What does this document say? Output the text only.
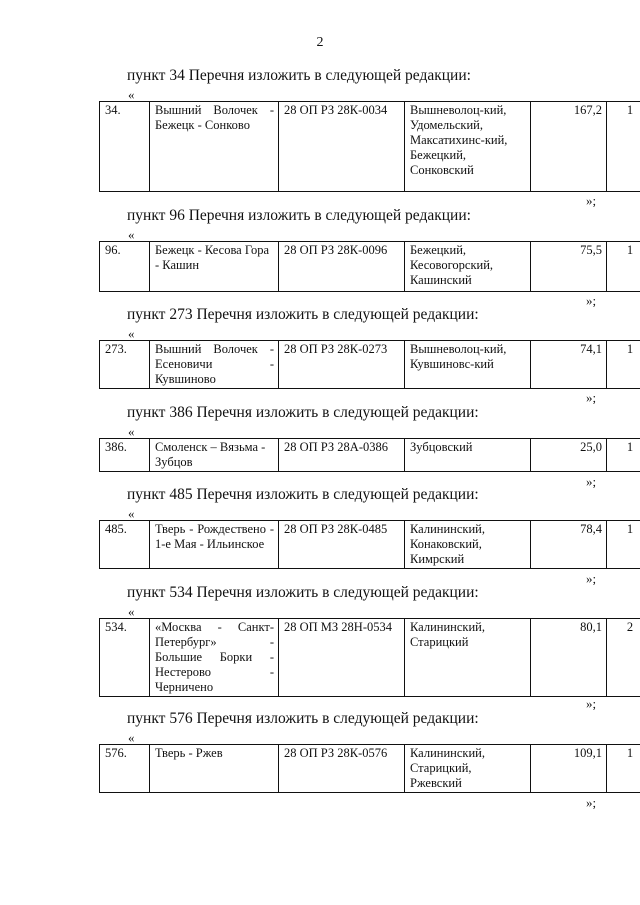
2
пункт 34 Перечня изложить в следующей редакции:
«
34.	Вышний Волочек - Бежецк - Сонково	28 ОП РЗ 28К-0034	Вышневолоц-кий, Удомельский, Максатихинс-кий, Бежецкий, Сонковский	167,2	1
»;
пункт 96 Перечня изложить в следующей редакции:
«
96.	Бежецк - Кесова Гора - Кашин	28 ОП РЗ 28К-0096	Бежецкий, Кесовогорский, Кашинский	75,5	1
»;
пункт 273 Перечня изложить в следующей редакции:
«
273.	Вышний Волочек - Есеновичи - Кувшиново	28 ОП РЗ 28К-0273	Вышневолоц-кий, Кувшиновс-кий	74,1	1
»;
пункт 386 Перечня изложить в следующей редакции:
«
386.	Смоленск – Вязьма - Зубцов	28 ОП РЗ 28А-0386	Зубцовский	25,0	1
»;
пункт 485 Перечня изложить в следующей редакции:
«
485.	Тверь - Рождествено - 1-е Мая - Ильинское	28 ОП РЗ 28К-0485	Калининский, Конаковский, Кимрский	78,4	1
»;
пункт 534 Перечня изложить в следующей редакции:
«
534.	«Москва - Санкт-Петербург» - Большие Борки - Нестерово - Черничено	28 ОП МЗ 28Н-0534	Калининский, Старицкий	80,1	2
»;
пункт 576 Перечня изложить в следующей редакции:
«
576.	Тверь - Ржев	28 ОП РЗ 28К-0576	Калининский, Старицкий, Ржевский	109,1	1
»;
